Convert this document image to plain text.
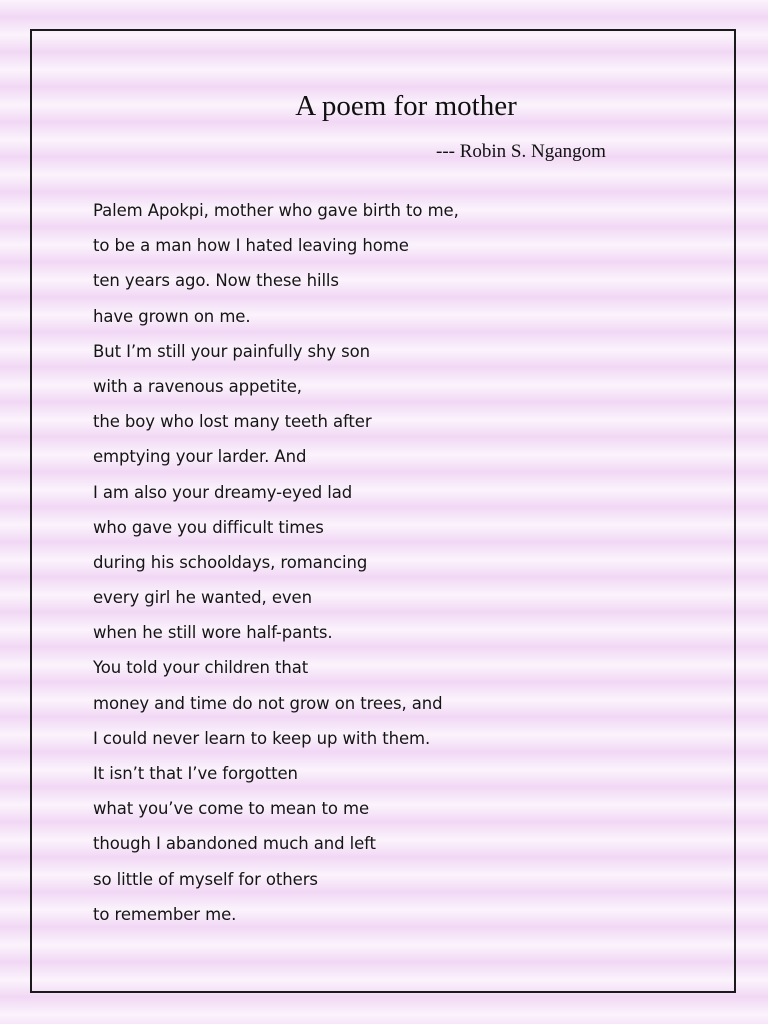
A poem for mother
--- Robin S. Ngangom
Palem Apokpi, mother who gave birth to me,
to be a man how I hated leaving home
ten years ago. Now these hills
have grown on me.
But I’m still your painfully shy son
with a ravenous appetite,
the boy who lost many teeth after
emptying your larder. And
I am also your dreamy-eyed lad
who gave you difficult times
during his schooldays, romancing
every girl he wanted, even
when he still wore half-pants.
You told your children that
money and time do not grow on trees, and
I could never learn to keep up with them.
It isn’t that I’ve forgotten
what you’ve come to mean to me
though I abandoned much and left
so little of myself for others
to remember me.
